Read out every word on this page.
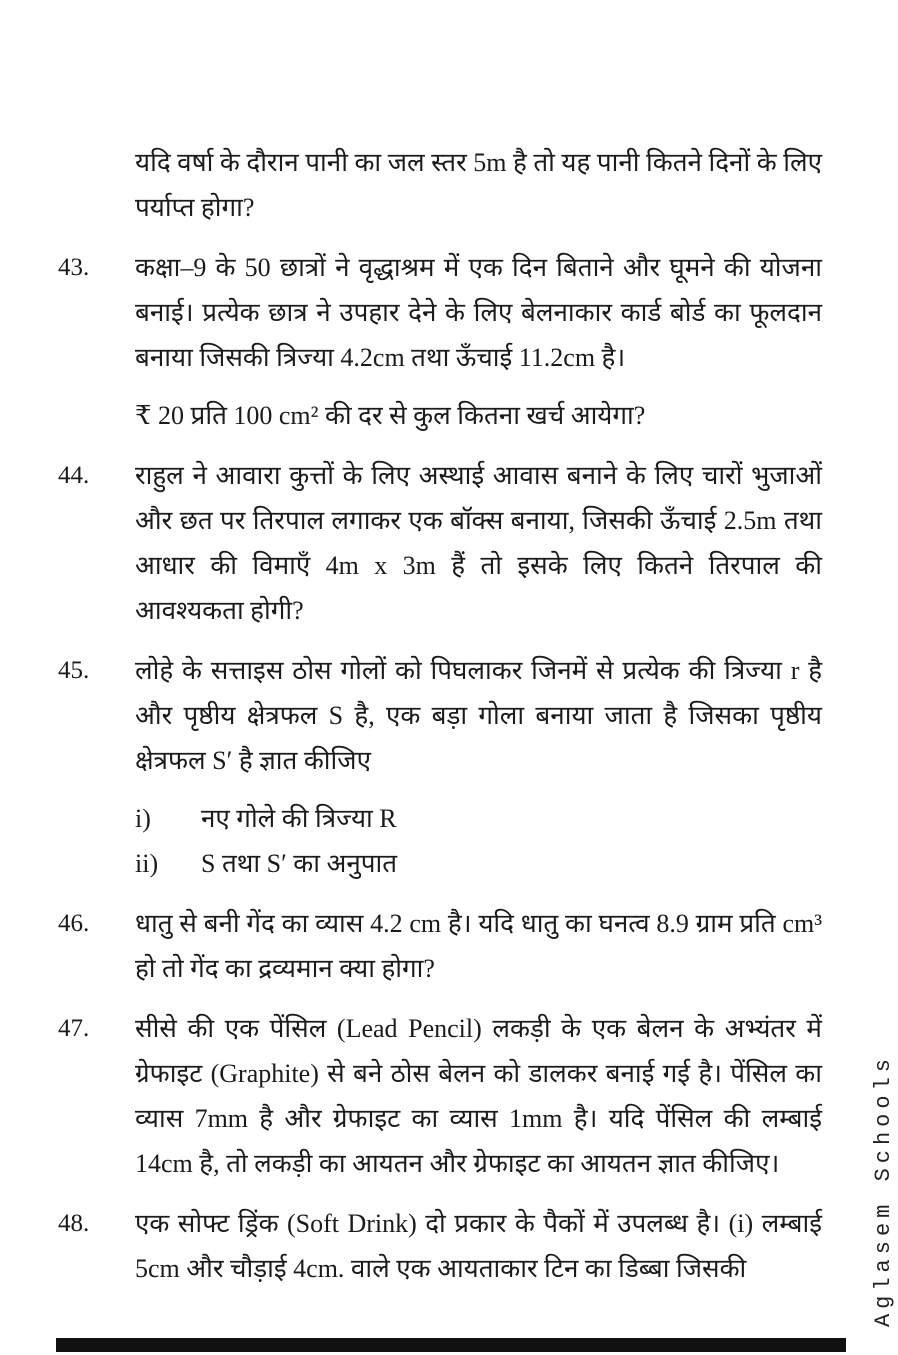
यदि वर्षा के दौरान पानी का जल स्तर 5m है तो यह पानी कितने दिनों के लिए पर्याप्त होगा?

43.	कक्षा–9 के 50 छात्रों ने वृद्धाश्रम में एक दिन बिताने और घूमने की योजना बनाई। प्रत्येक छात्र ने उपहार देने के लिए बेलनाकार कार्ड बोर्ड का फूलदान बनाया जिसकी त्रिज्या 4.2cm तथा ऊँचाई 11.2cm है।

₹ 20 प्रति 100 cm² की दर से कुल कितना खर्च आयेगा?

44.	राहुल ने आवारा कुत्तों के लिए अस्थाई आवास बनाने के लिए चारों भुजाओं और छत पर तिरपाल लगाकर एक बॉक्स बनाया, जिसकी ऊँचाई 2.5m तथा आधार की विमाएँ 4m x 3m हैं तो इसके लिए कितने तिरपाल की आवश्यकता होगी?

45.	लोहे के सत्ताइस ठोस गोलों को पिघलाकर जिनमें से प्रत्येक की त्रिज्या r है और पृष्ठीय क्षेत्रफल S है, एक बड़ा गोला बनाया जाता है जिसका पृष्ठीय क्षेत्रफल S′ है ज्ञात कीजिए

i)	नए गोले की त्रिज्या R
ii)	S तथा S′ का अनुपात
46.	धातु से बनी गेंद का व्यास 4.2 cm है। यदि धातु का घनत्व 8.9 ग्राम प्रति cm³ हो तो गेंद का द्रव्यमान क्या होगा?

47.	सीसे की एक पेंसिल (Lead Pencil) लकड़ी के एक बेलन के अभ्यंतर में ग्रेफाइट (Graphite) से बने ठोस बेलन को डालकर बनाई गई है। पेंसिल का व्यास 7mm है और ग्रेफाइट का व्यास 1mm है। यदि पेंसिल की लम्बाई 14cm है, तो लकड़ी का आयतन और ग्रेफाइट का आयतन ज्ञात कीजिए।

48.	एक सोफ्ट ड्रिंक (Soft Drink) दो प्रकार के पैकों में उपलब्ध है। (i) लम्बाई 5cm और चौड़ाई 4cm. वाले एक आयताकार टिन का डिब्बा जिसकी	Aglasem Schools
